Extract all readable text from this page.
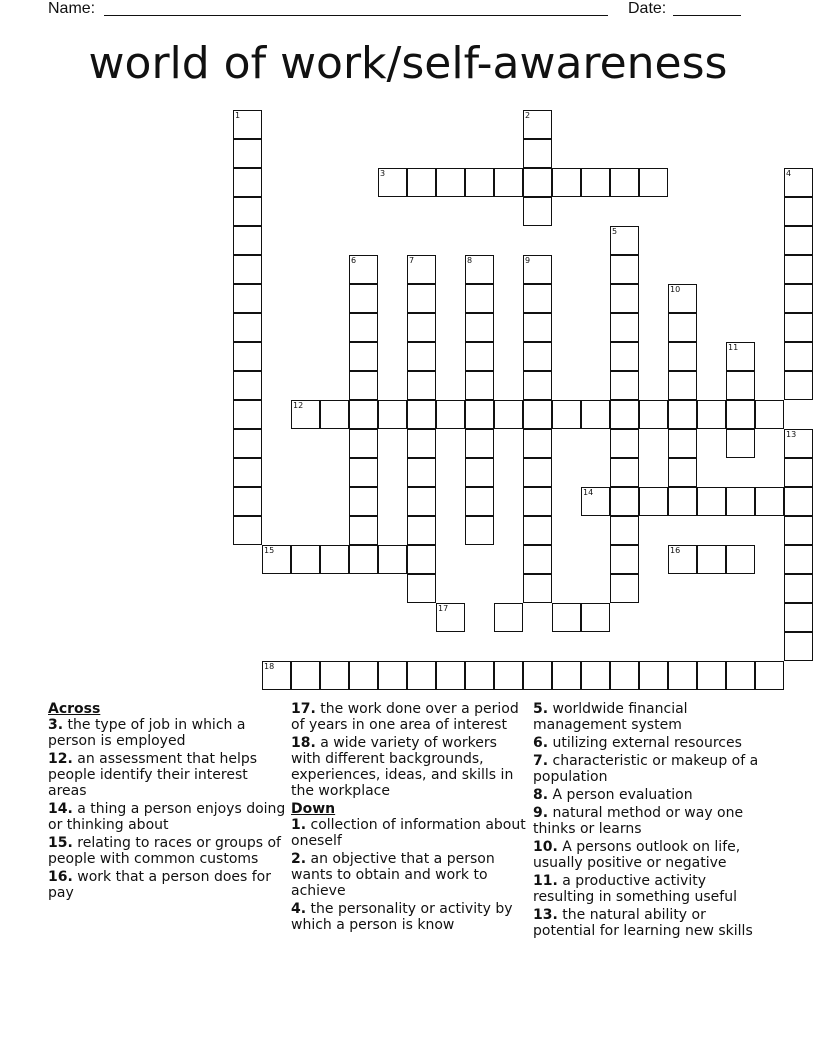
Name:	Date:
world of work/self-awareness
1	2
3	4
5
6	7	8	9
10
11
12
13
14
15	16
17
18
Across
3. the type of job in which a person is employed
12. an assessment that helps people identify their interest areas
14. a thing a person enjoys doing or thinking about
15. relating to races or groups of people with common customs
16. work that a person does for pay
17. the work done over a period of years in one area of interest
18. a wide variety of workers with different backgrounds, experiences, ideas, and skills in the workplace
Down
1. collection of information about oneself
2. an objective that a person wants to obtain and work to achieve
4. the personality or activity by which a person is know
5. worldwide financial management system
6. utilizing external resources
7. characteristic or makeup of a population
8. A person evaluation
9. natural method or way one thinks or learns
10. A persons outlook on life, usually positive or negative
11. a productive activity resulting in something useful
13. the natural ability or potential for learning new skills
